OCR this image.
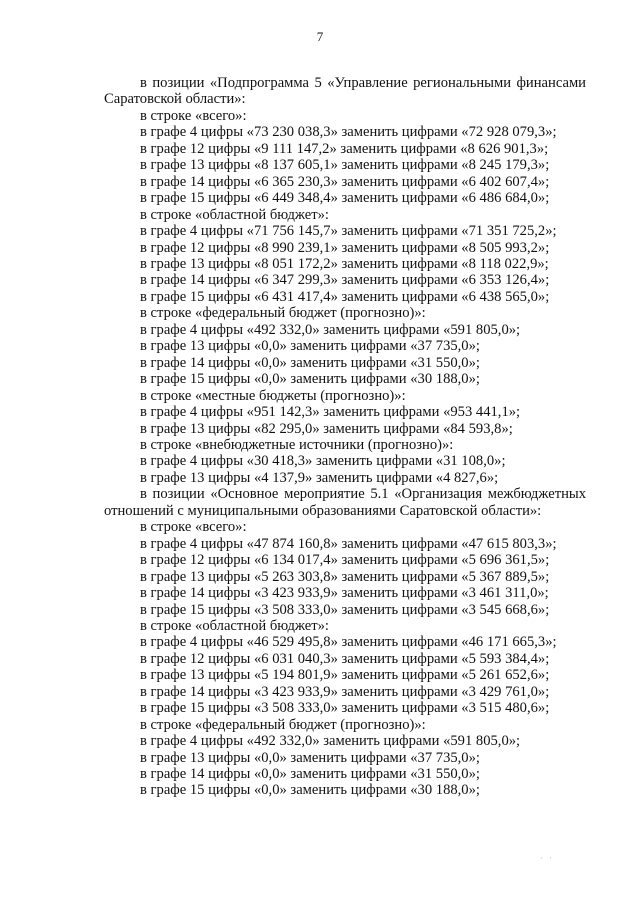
7
в позиции «Подпрограмма 5 «Управление региональными финансами
Саратовской области»:
в строке «всего»:
в графе 4 цифры «73 230 038,3» заменить цифрами «72 928 079,3»;
в графе 12 цифры «9 111 147,2» заменить цифрами «8 626 901,3»;
в графе 13 цифры «8 137 605,1» заменить цифрами «8 245 179,3»;
в графе 14 цифры «6 365 230,3» заменить цифрами «6 402 607,4»;
в графе 15 цифры «6 449 348,4» заменить цифрами «6 486 684,0»;
в строке «областной бюджет»:
в графе 4 цифры «71 756 145,7» заменить цифрами «71 351 725,2»;
в графе 12 цифры «8 990 239,1» заменить цифрами «8 505 993,2»;
в графе 13 цифры «8 051 172,2» заменить цифрами «8 118 022,9»;
в графе 14 цифры «6 347 299,3» заменить цифрами «6 353 126,4»;
в графе 15 цифры «6 431 417,4» заменить цифрами «6 438 565,0»;
в строке «федеральный бюджет (прогнозно)»:
в графе 4 цифры «492 332,0» заменить цифрами «591 805,0»;
в графе 13 цифры «0,0» заменить цифрами «37 735,0»;
в графе 14 цифры «0,0» заменить цифрами «31 550,0»;
в графе 15 цифры «0,0» заменить цифрами «30 188,0»;
в строке «местные бюджеты (прогнозно)»:
в графе 4 цифры «951 142,3» заменить цифрами «953 441,1»;
в графе 13 цифры «82 295,0» заменить цифрами «84 593,8»;
в строке «внебюджетные источники (прогнозно)»:
в графе 4 цифры «30 418,3» заменить цифрами «31 108,0»;
в графе 13 цифры «4 137,9» заменить цифрами «4 827,6»;
в позиции «Основное мероприятие 5.1 «Организация межбюджетных
отношений с муниципальными образованиями Саратовской области»:
в строке «всего»:
в графе 4 цифры «47 874 160,8» заменить цифрами «47 615 803,3»;
в графе 12 цифры «6 134 017,4» заменить цифрами «5 696 361,5»;
в графе 13 цифры «5 263 303,8» заменить цифрами «5 367 889,5»;
в графе 14 цифры «3 423 933,9» заменить цифрами «3 461 311,0»;
в графе 15 цифры «3 508 333,0» заменить цифрами «3 545 668,6»;
в строке «областной бюджет»:
в графе 4 цифры «46 529 495,8» заменить цифрами «46 171 665,3»;
в графе 12 цифры «6 031 040,3» заменить цифрами «5 593 384,4»;
в графе 13 цифры «5 194 801,9» заменить цифрами «5 261 652,6»;
в графе 14 цифры «3 423 933,9» заменить цифрами «3 429 761,0»;
в графе 15 цифры «3 508 333,0» заменить цифрами «3 515 480,6»;
в строке «федеральный бюджет (прогнозно)»:
в графе 4 цифры «492 332,0» заменить цифрами «591 805,0»;
в графе 13 цифры «0,0» заменить цифрами «37 735,0»;
в графе 14 цифры «0,0» заменить цифрами «31 550,0»;
в графе 15 цифры «0,0» заменить цифрами «30 188,0»;
· ·
